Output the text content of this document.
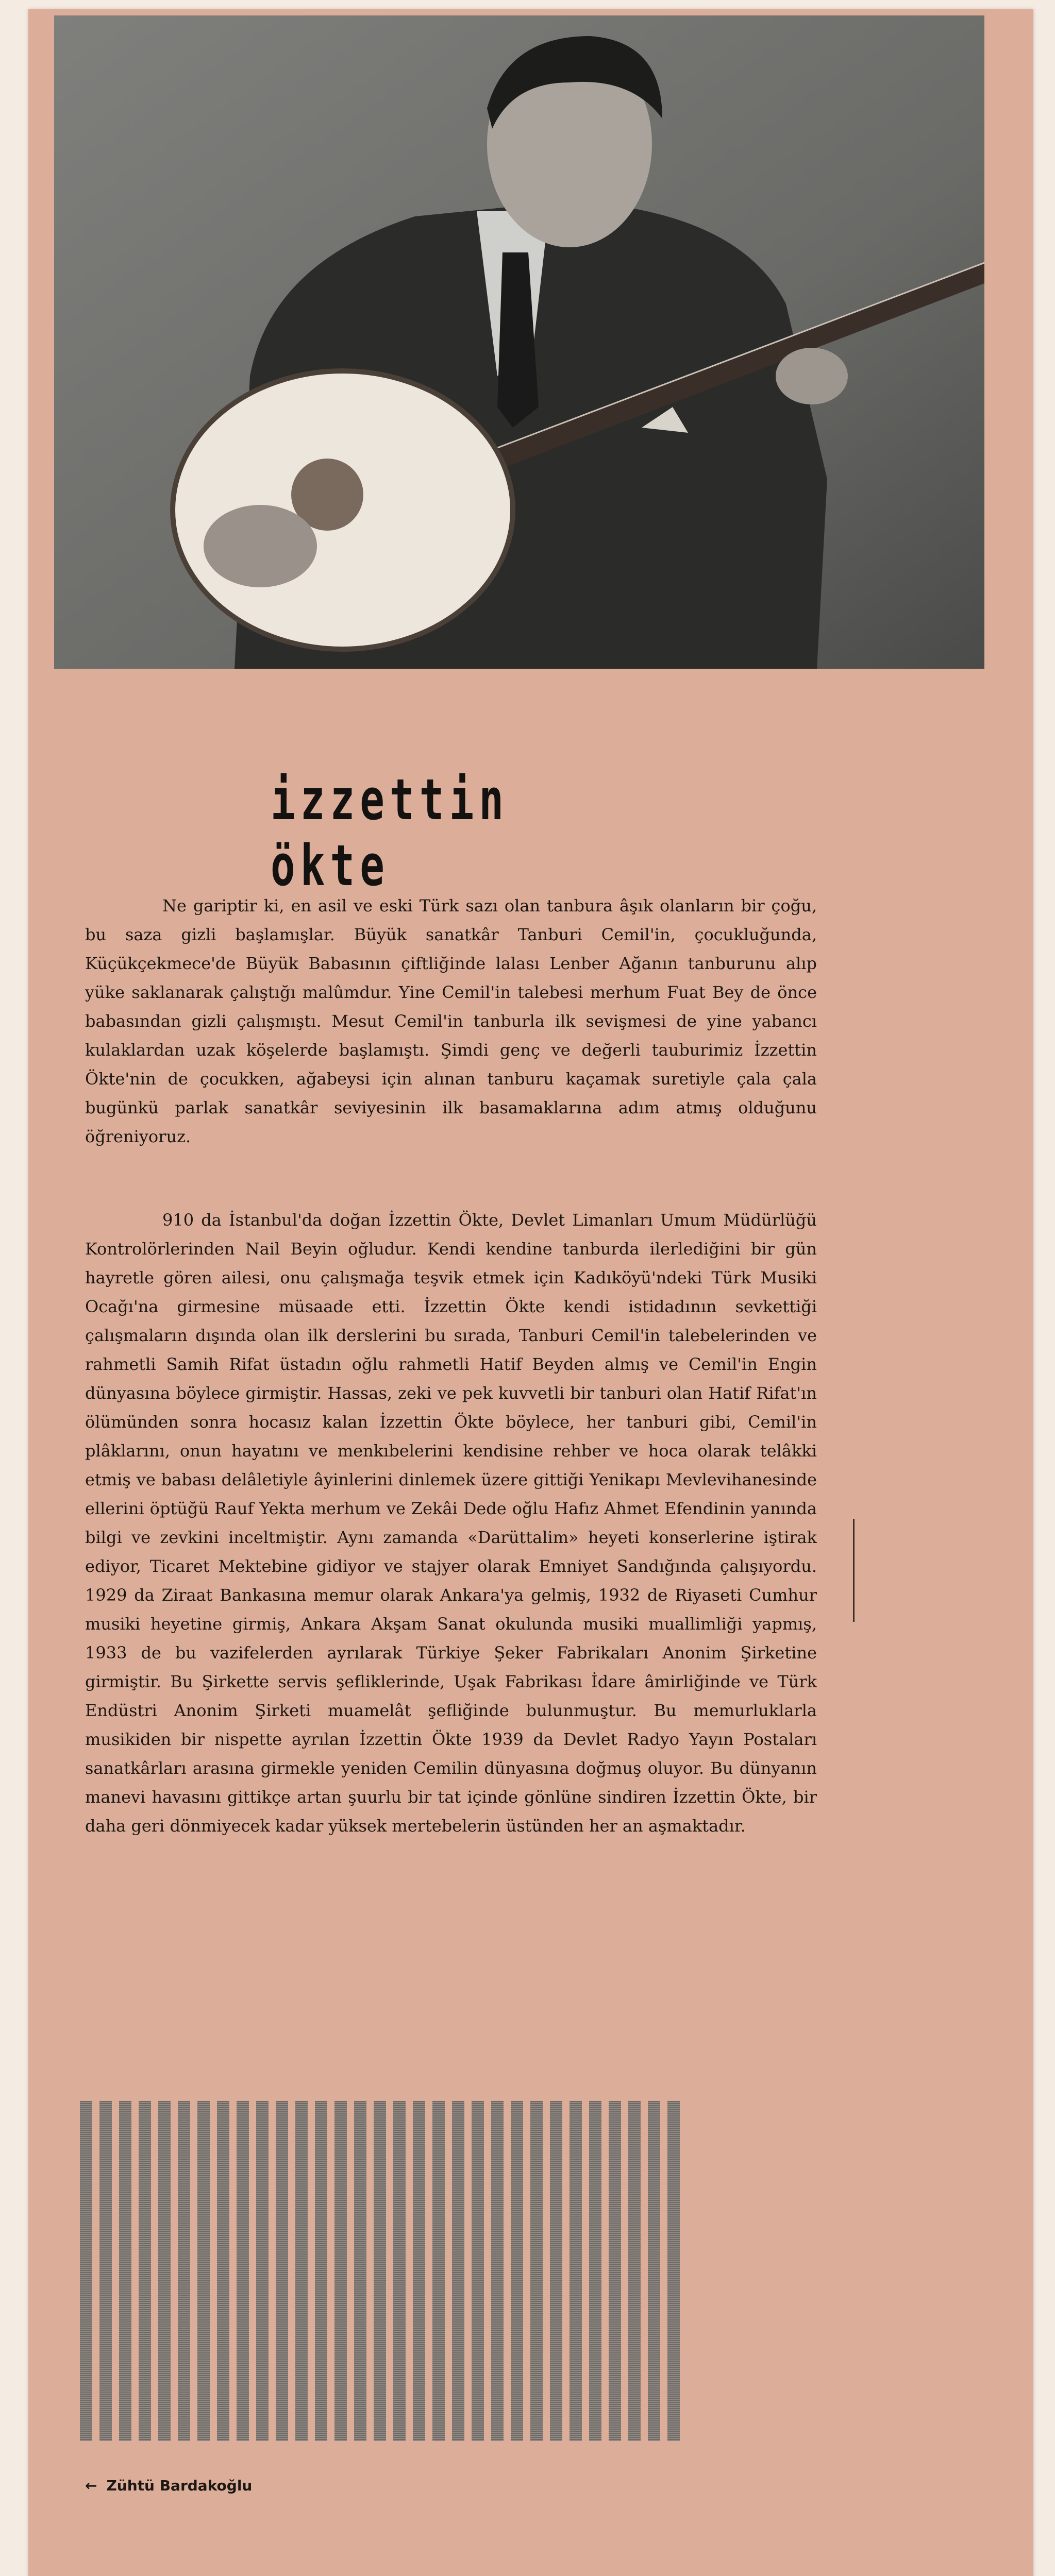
izzettin ökte

Ne gariptir ki, en asil ve eski Türk sazı olan tanbura âşık olanların bir çoğu, bu saza gizli başlamışlar. Büyük sanatkâr Tanburi Cemil'in, çocukluğunda, Küçükçekmece'de Büyük Babasının çiftliğinde lalası Lenber Ağanın tanburunu alıp yüke saklanarak çalıştığı malûmdur. Yine Cemil'in talebesi merhum Fuat Bey de önce babasından gizli çalışmıştı. Mesut Cemil'in tanburla ilk sevişmesi de yine yabancı kulaklardan uzak köşelerde başlamıştı. Şimdi genç ve değerli tauburimiz İzzettin Ökte'nin de çocukken, ağabeysi için alınan tanburu kaçamak suretiyle çala çala bugünkü parlak sanatkâr seviyesinin ilk basamaklarına adım atmış olduğunu öğreniyoruz.

910 da İstanbul'da doğan İzzettin Ökte, Devlet Limanları Umum Müdürlüğü Kontrolörlerinden Nail Beyin oğludur. Kendi kendine tanburda ilerlediğini bir gün hayretle gören ailesi, onu çalışmağa teşvik etmek için Kadıköyü'ndeki Türk Musiki Ocağı'na girmesine müsaade etti. İzzettin Ökte kendi istidadının sevkettiği çalışmaların dışında olan ilk derslerini bu sırada, Tanburi Cemil'in talebelerinden ve rahmetli Samih Rifat üstadın oğlu rahmetli Hatif Beyden almış ve Cemil'in Engin dünyasına böylece girmiştir. Hassas, zeki ve pek kuvvetli bir tanburi olan Hatif Rifat'ın ölümünden sonra hocasız kalan İzzettin Ökte böylece, her tanburi gibi, Cemil'in plâklarını, onun hayatını ve menkıbelerini kendisine rehber ve hoca olarak telâkki etmiş ve babası delâletiyle âyinlerini dinlemek üzere gittiği Yenikapı Mevlevihanesinde ellerini öptüğü Rauf Yekta merhum ve Zekâi Dede oğlu Hafız Ahmet Efendinin yanında bilgi ve zevkini inceltmiştir. Aynı zamanda «Darüttalim» heyeti konserlerine iştirak ediyor, Ticaret Mektebine gidiyor ve stajyer olarak Emniyet Sandığında çalışıyordu. 1929 da Ziraat Bankasına memur olarak Ankara'ya gelmiş, 1932 de Riyaseti Cumhur musiki heyetine girmiş, Ankara Akşam Sanat okulunda musiki muallimliği yapmış, 1933 de bu vazifelerden ayrılarak Türkiye Şeker Fabrikaları Anonim Şirketine girmiştir. Bu Şirkette servis şefliklerinde, Uşak Fabrikası İdare âmirliğinde ve Türk Endüstri Anonim Şirketi muamelât şefliğinde bulunmuştur. Bu memurluklarla musikiden bir nispette ayrılan İzzettin Ökte 1939 da Devlet Radyo Yayın Postaları sanatkârları arasına girmekle yeniden Cemilin dünyasına doğmuş oluyor. Bu dünyanın manevi havasını gittikçe artan şuurlu bir tat içinde gönlüne sindiren İzzettin Ökte, bir daha geri dönmiyecek kadar yüksek mertebelerin üstünden her an aşmaktadır.

← Zühtü Bardakoğlu
